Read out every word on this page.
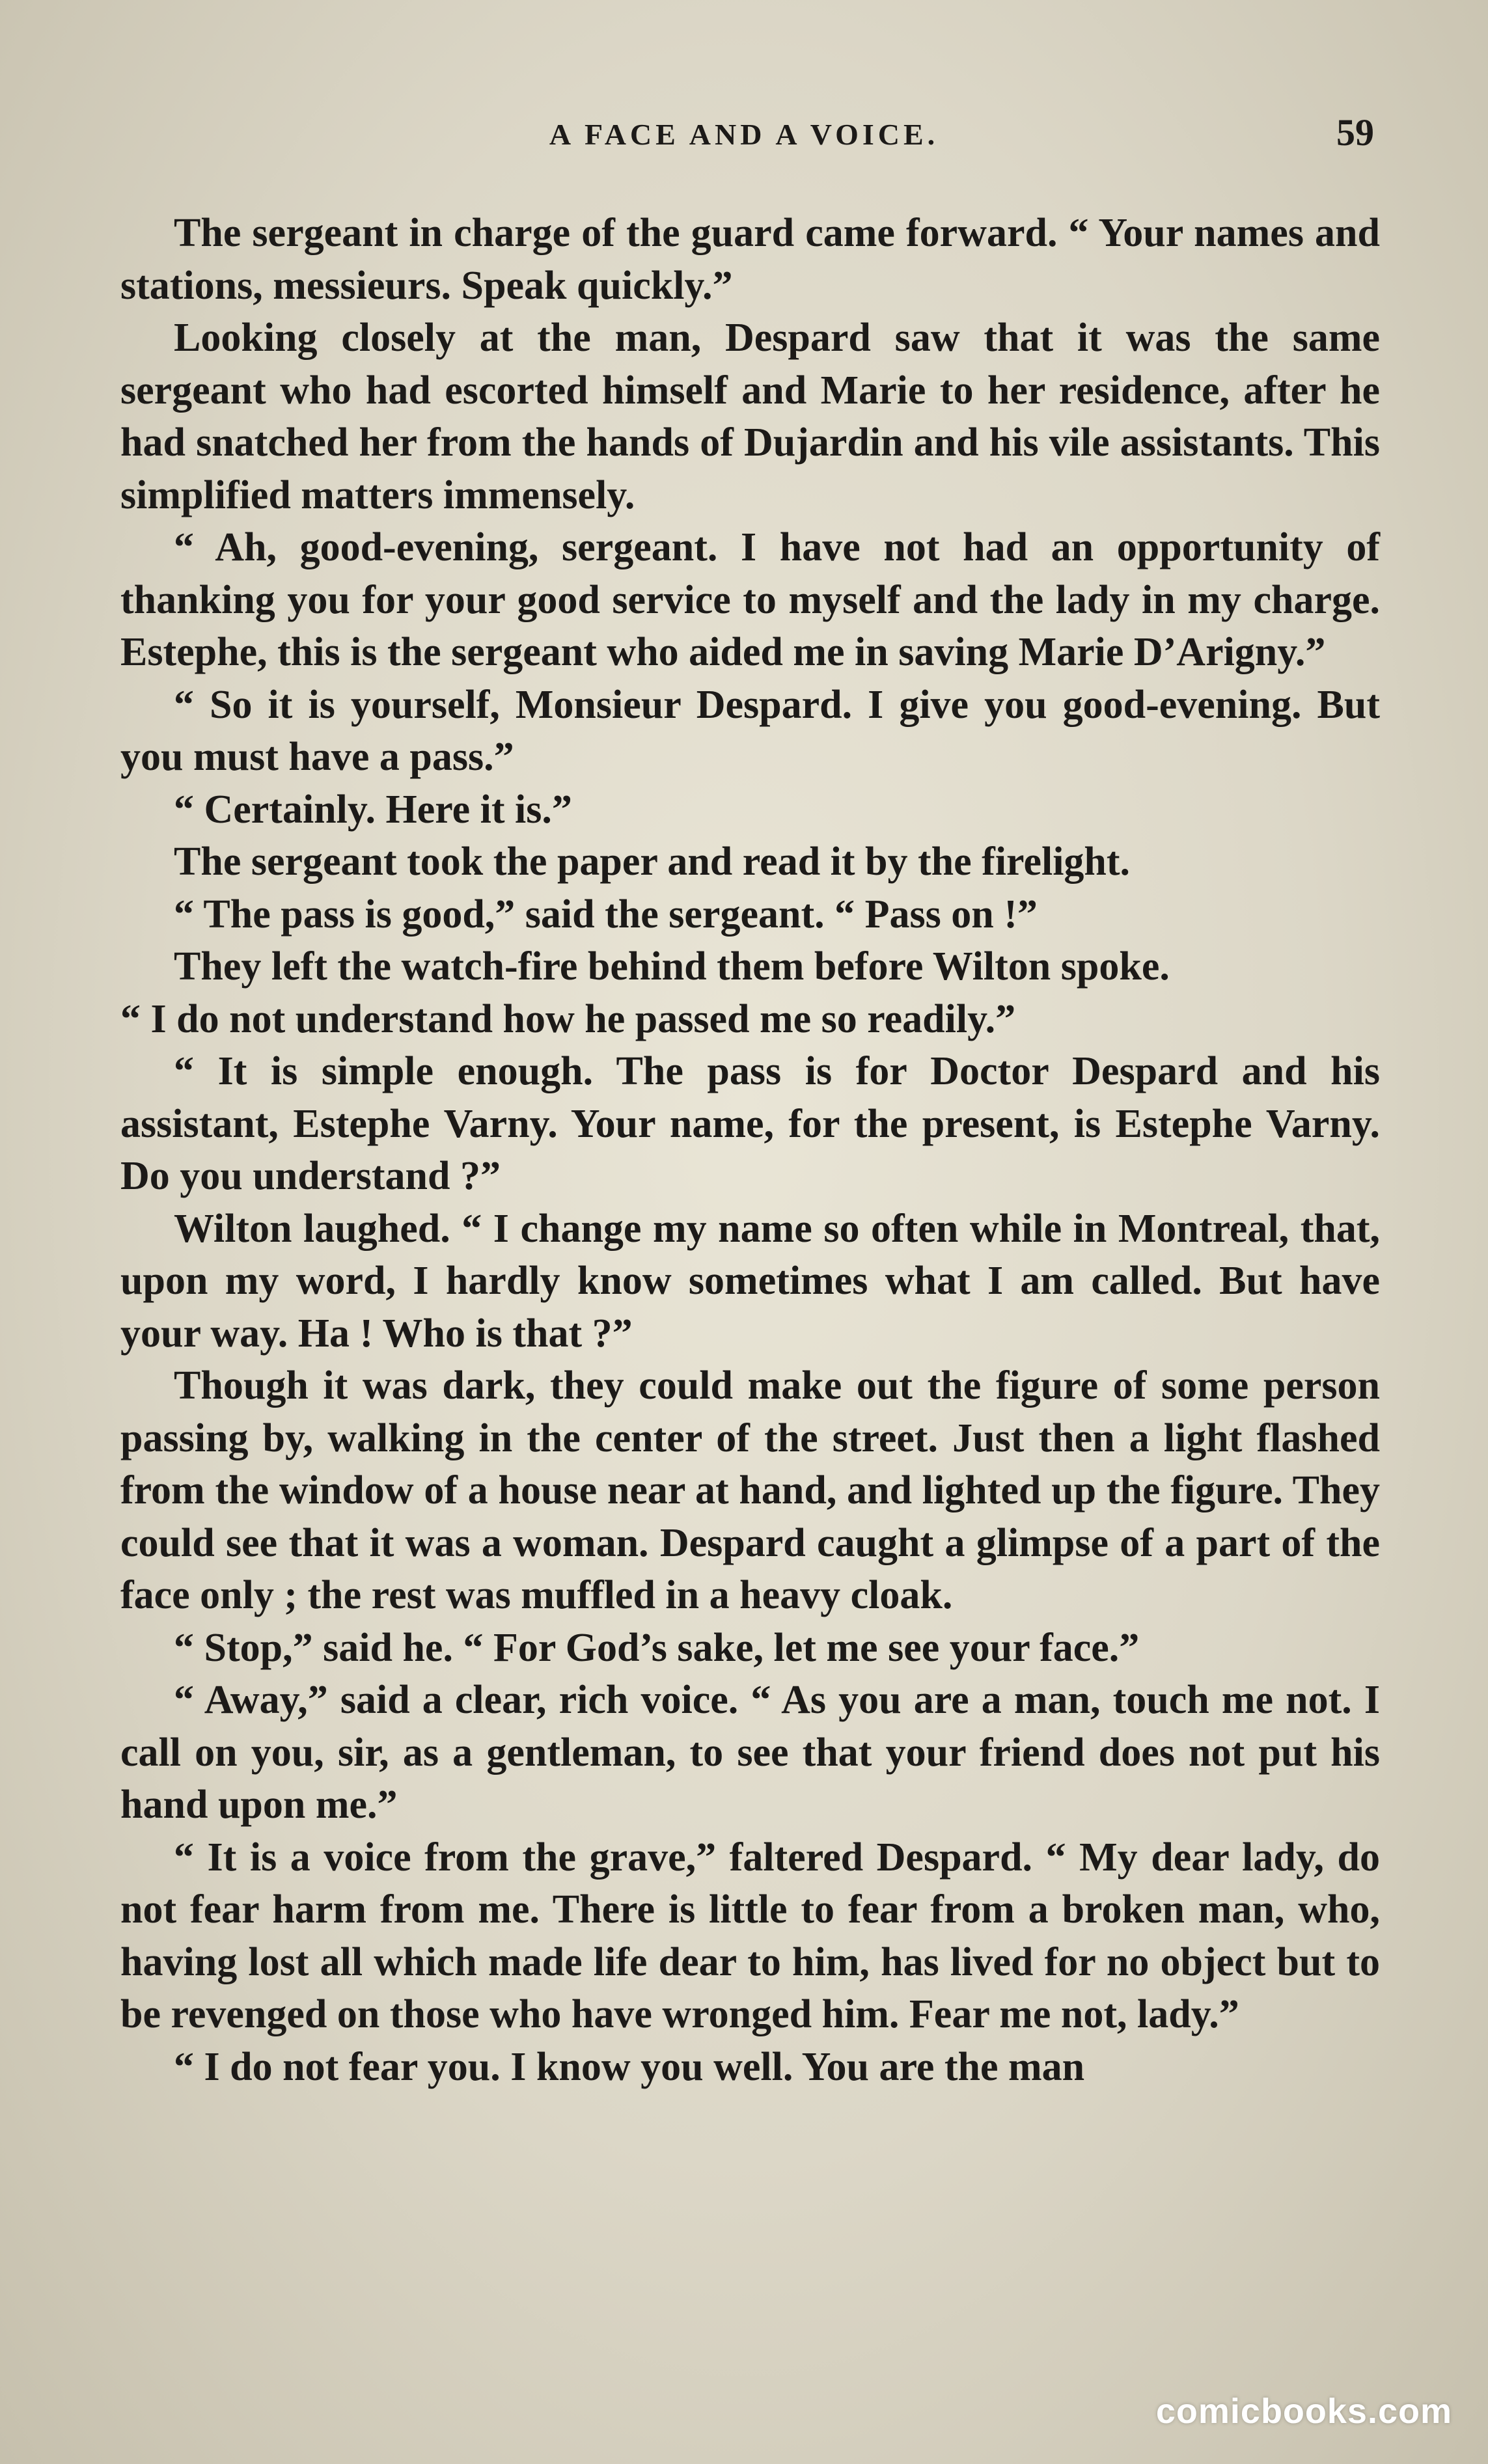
A FACE AND A VOICE.	59

The sergeant in charge of the guard came forward. “ Your names and stations, messieurs. Speak quickly.”

Looking closely at the man, Despard saw that it was the same sergeant who had escorted himself and Marie to her residence, after he had snatched her from the hands of Dujardin and his vile assistants. This simplified matters immensely.

“ Ah, good-evening, sergeant. I have not had an opportunity of thanking you for your good service to myself and the lady in my charge. Estephe, this is the sergeant who aided me in saving Marie D’Arigny.”

“ So it is yourself, Monsieur Despard. I give you good-evening. But you must have a pass.”

“ Certainly. Here it is.”

The sergeant took the paper and read it by the firelight.

“ The pass is good,” said the sergeant. “ Pass on !”

They left the watch-fire behind them before Wilton spoke.

“ I do not understand how he passed me so readily.”

“ It is simple enough. The pass is for Doctor Despard and his assistant, Estephe Varny. Your name, for the present, is Estephe Varny. Do you understand ?”

Wilton laughed. “ I change my name so often while in Montreal, that, upon my word, I hardly know sometimes what I am called. But have your way. Ha ! Who is that ?”

Though it was dark, they could make out the figure of some person passing by, walking in the center of the street. Just then a light flashed from the window of a house near at hand, and lighted up the figure. They could see that it was a woman. Despard caught a glimpse of a part of the face only ; the rest was muffled in a heavy cloak.

“ Stop,” said he. “ For God’s sake, let me see your face.”

“ Away,” said a clear, rich voice. “ As you are a man, touch me not. I call on you, sir, as a gentleman, to see that your friend does not put his hand upon me.”

“ It is a voice from the grave,” faltered Despard. “ My dear lady, do not fear harm from me. There is little to fear from a broken man, who, having lost all which made life dear to him, has lived for no object but to be revenged on those who have wronged him. Fear me not, lady.”

“ I do not fear you. I know you well. You are the man

comicbooks.com
